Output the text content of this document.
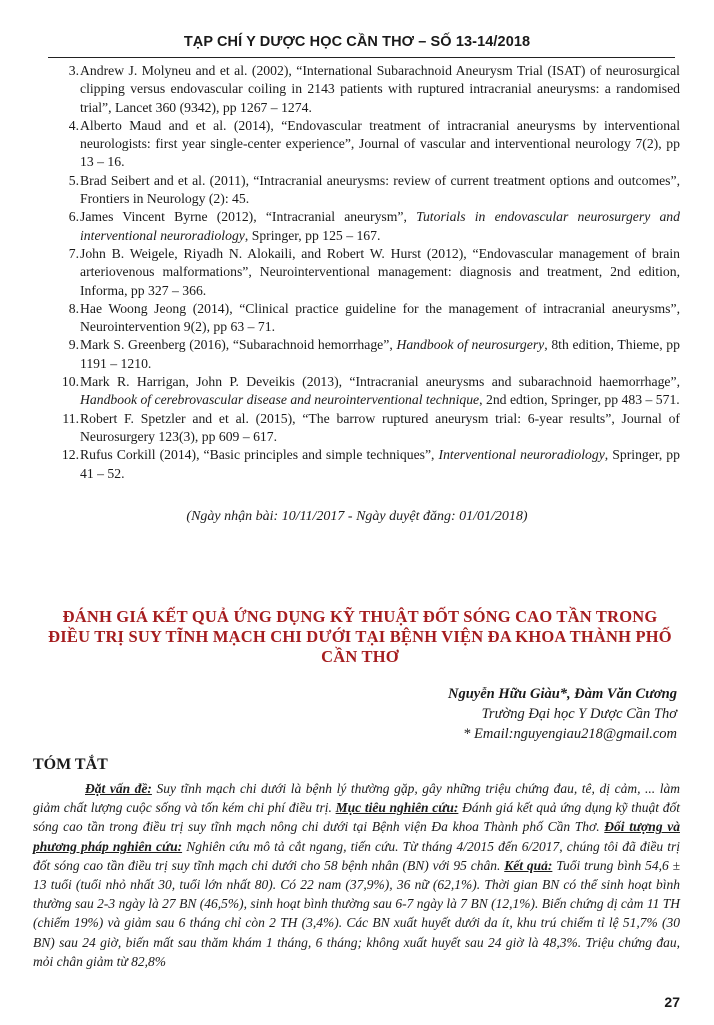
TẠP CHÍ Y DƯỢC HỌC CẦN THƠ – SỐ 13-14/2018

3. Andrew J. Molyneu and et al. (2002), “International Subarachnoid Aneurysm Trial (ISAT) of neurosurgical clipping versus endovascular coiling in 2143 patients with ruptured intracranial aneurysms: a randomised trial”, Lancet 360 (9342), pp 1267 – 1274.

4. Alberto Maud and et al. (2014), “Endovascular treatment of intracranial aneurysms by interventional neurologists: first year single-center experience”, Journal of vascular and interventional neurology 7(2), pp 13 – 16.

5. Brad Seibert and et al. (2011), “Intracranial aneurysms: review of current treatment options and outcomes”, Frontiers in Neurology (2): 45.

6. James Vincent Byrne (2012), “Intracranial aneurysm”, Tutorials in endovascular neurosurgery and interventional neuroradiology, Springer, pp 125 – 167.

7. John B. Weigele, Riyadh N. Alokaili, and Robert W. Hurst (2012), “Endovascular management of brain arteriovenous malformations”, Neurointerventional management: diagnosis and treatment, 2nd edition, Informa, pp 327 – 366.

8. Hae Woong Jeong (2014), “Clinical practice guideline for the management of intracranial aneurysms”, Neurointervention 9(2), pp 63 – 71.

9. Mark S. Greenberg (2016), “Subarachnoid hemorrhage”, Handbook of neurosurgery, 8th edition, Thieme, pp 1191 – 1210.

10. Mark R. Harrigan, John P. Deveikis (2013), “Intracranial aneurysms and subarachnoid haemorrhage”, Handbook of cerebrovascular disease and neurointerventional technique, 2nd edtion, Springer, pp 483 – 571.

11. Robert F. Spetzler and et al. (2015), “The barrow ruptured aneurysm trial: 6-year results”, Journal of Neurosurgery 123(3), pp 609 – 617.

12. Rufus Corkill (2014), “Basic principles and simple techniques”, Interventional neuroradiology, Springer, pp 41 – 52.

(Ngày nhận bài: 10/11/2017 - Ngày duyệt đăng: 01/01/2018)
ĐÁNH GIÁ KẾT QUẢ ỨNG DỤNG KỸ THUẬT ĐỐT SÓNG CAO TẦN TRONG ĐIỀU TRỊ SUY TĨNH MẠCH CHI DƯỚI TẠI BỆNH VIỆN ĐA KHOA THÀNH PHỐ CẦN THƠ
Nguyễn Hữu Giàu*, Đàm Văn Cương
Trường Đại học Y Dược Cần Thơ
* Email:nguyengiau218@gmail.com
TÓM TẮT
Đặt vấn đề: Suy tĩnh mạch chi dưới là bệnh lý thường gặp, gây những triệu chứng đau, tê, dị cảm, ... làm giảm chất lượng cuộc sống và tốn kém chi phí điều trị. Mục tiêu nghiên cứu: Đánh giá kết quả ứng dụng kỹ thuật đốt sóng cao tần trong điều trị suy tĩnh mạch nông chi dưới tại Bệnh viện Đa khoa Thành phố Cần Thơ. Đối tượng và phương pháp nghiên cứu: Nghiên cứu mô tả cắt ngang, tiến cứu. Từ tháng 4/2015 đến 6/2017, chúng tôi đã điều trị đốt sóng cao tần điều trị suy tĩnh mạch chi dưới cho 58 bệnh nhân (BN) với 95 chân. Kết quả: Tuổi trung bình 54,6 ± 13 tuổi (tuổi nhỏ nhất 30, tuổi lớn nhất 80). Có 22 nam (37,9%), 36 nữ (62,1%). Thời gian BN có thể sinh hoạt bình thường sau 2-3 ngày là 27 BN (46,5%), sinh hoạt bình thường sau 6-7 ngày là 7 BN (12,1%). Biến chứng dị cảm 11 TH (chiếm 19%) và giảm sau 6 tháng chỉ còn 2 TH (3,4%). Các BN xuất huyết dưới da ít, khu trú chiếm tỉ lệ 51,7% (30 BN) sau 24 giờ, biến mất sau thăm khám 1 tháng, 6 tháng; không xuất huyết sau 24 giờ là 48,3%. Triệu chứng đau, mỏi chân giảm từ 82,8%
27
